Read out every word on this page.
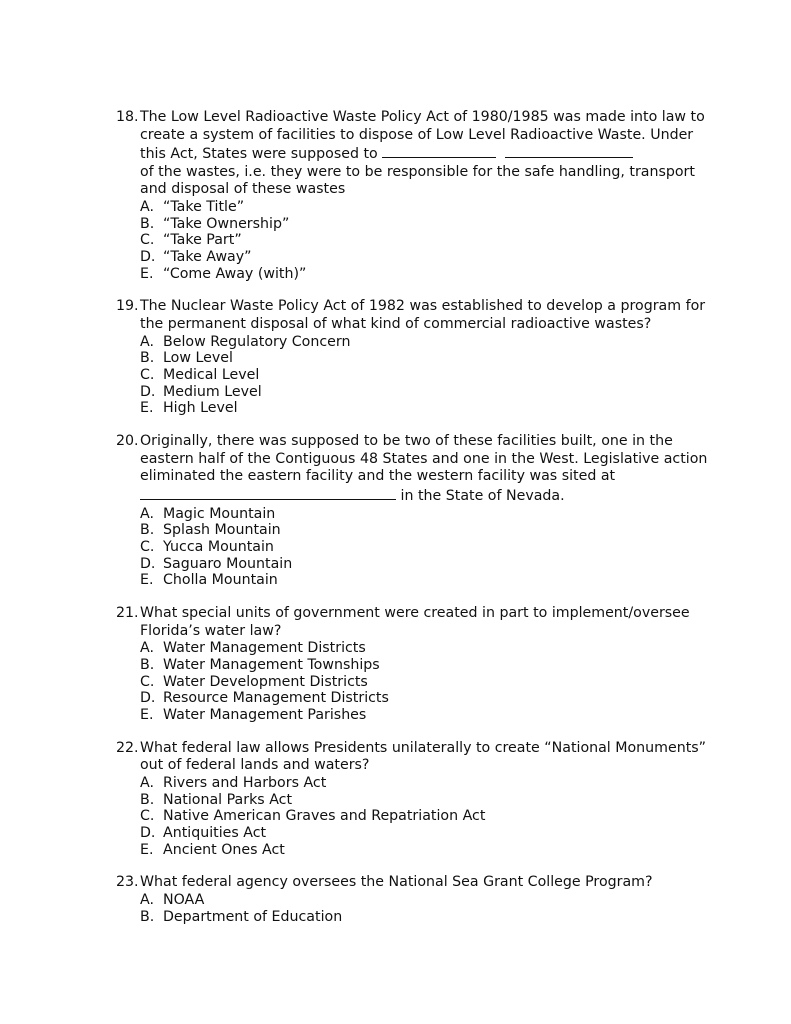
18. The Low Level Radioactive Waste Policy Act of 1980/1985 was made into law to create a system of facilities to dispose of Low Level Radioactive Waste. Under this Act, States were supposed to
of the wastes, i.e. they were to be responsible for the safe handling, transport and disposal of these wastes
A. “Take Title”
B. “Take Ownership”
C. “Take Part”
D. “Take Away”
E. “Come Away (with)”
19. The Nuclear Waste Policy Act of 1982 was established to develop a program for the permanent disposal of what kind of commercial radioactive wastes?
A. Below Regulatory Concern
B. Low Level
C. Medical Level
D. Medium Level
E. High Level
20. Originally, there was supposed to be two of these facilities built, one in the eastern half of the Contiguous 48 States and one in the West. Legislative action eliminated the eastern facility and the western facility was sited at
in the State of Nevada.
A. Magic Mountain
B. Splash Mountain
C. Yucca Mountain
D. Saguaro Mountain
E. Cholla Mountain
21. What special units of government were created in part to implement/oversee Florida’s water law?
A. Water Management Districts
B. Water Management Townships
C. Water Development Districts
D. Resource Management Districts
E. Water Management Parishes
22. What federal law allows Presidents unilaterally to create “National Monuments” out of federal lands and waters?
A. Rivers and Harbors Act
B. National Parks Act
C. Native American Graves and Repatriation Act
D. Antiquities Act
E. Ancient Ones Act
23. What federal agency oversees the National Sea Grant College Program?
A. NOAA
B. Department of Education
